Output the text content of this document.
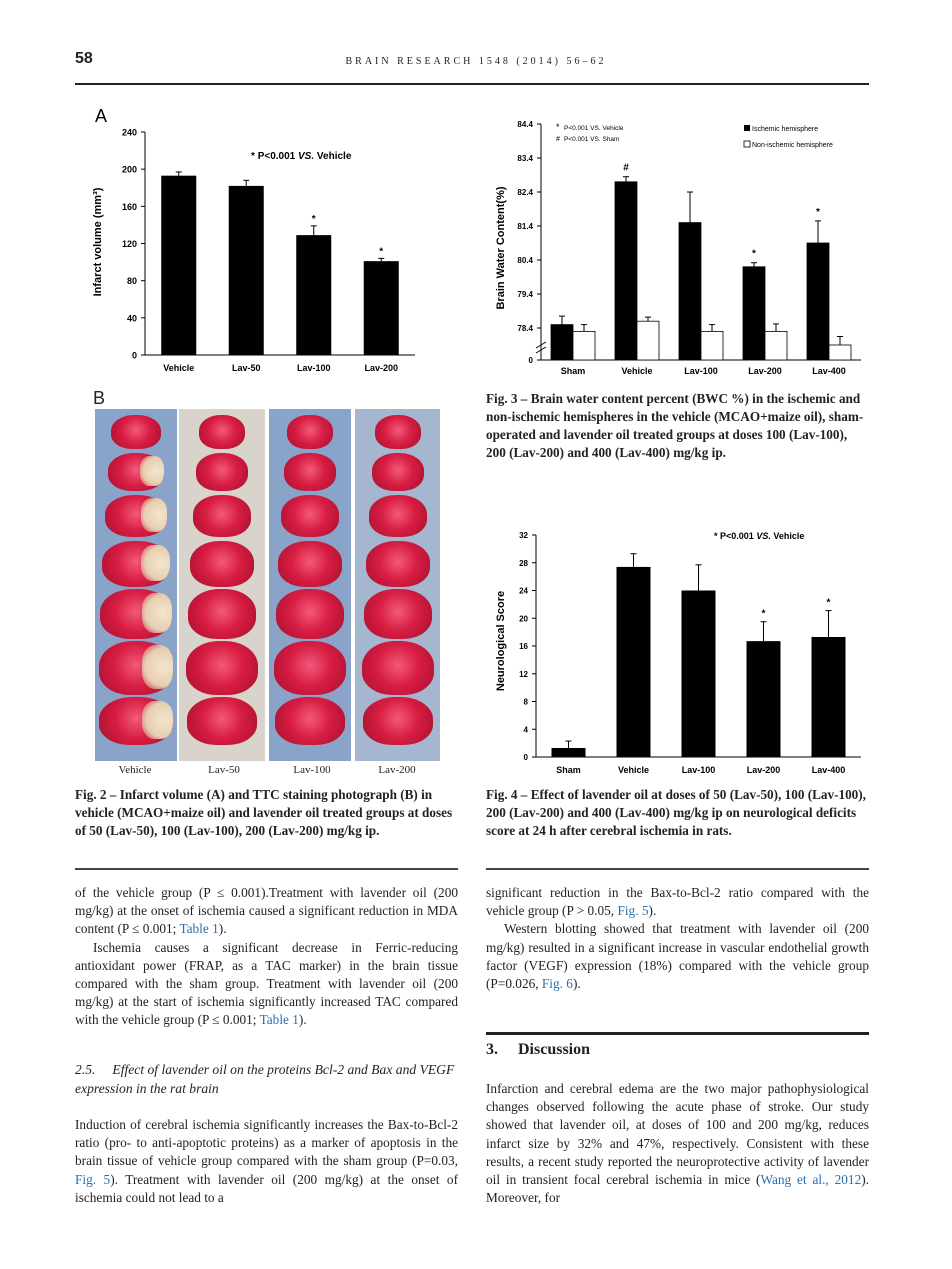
58	BRAIN RESEARCH 1548 (2014) 56–62
A
Infarct volume (mm³)
* P<0.001 VS. Vehicle
0
40
80
120
160
200
240
Vehicle	Lav-50
*
Lav-100
*
Lav-200
B
Vehicle	Lav-50	Lav-100	Lav-200
Fig. 2 – Infarct volume (A) and TTC staining photograph (B) in vehicle (MCAO+maize oil) and lavender oil treated groups at doses of 50 (Lav-50), 100 (Lav-100), 200 (Lav-200) mg/kg ip.
Brain Water Content(%)
* P<0.001 VS. Vehicle
# P<0.001 VS. Sham
Ischemic hemisphere
Non-ischemic hemisphere
0
78.4
79.4
80.4
81.4
82.4
83.4
84.4
Sham
#
Vehicle	Lav-100
*
Lav-200
*
Lav-400
Fig. 3 – Brain water content percent (BWC %) in the ischemic and non-ischemic hemispheres in the vehicle (MCAO+maize oil), sham-operated and lavender oil treated groups at doses 100 (Lav-100), 200 (Lav-200) and 400 (Lav-400) mg/kg ip.
Neurological Score
* P<0.001 VS. Vehicle
0
4
8
12
16
20
24
28
32
Sham	Vehicle	Lav-100
*
Lav-200
*
Lav-400
Fig. 4 – Effect of lavender oil at doses of 50 (Lav-50), 100 (Lav-100), 200 (Lav-200) and 400 (Lav-400) mg/kg ip on neurological deficits score at 24 h after cerebral ischemia in rats.

of the vehicle group (P ≤ 0.001).Treatment with lavender oil (200 mg/kg) at the onset of ischemia caused a significant reduction in MDA content (P ≤ 0.001; Table 1).

Ischemia causes a significant decrease in Ferric-reducing antioxidant power (FRAP, as a TAC marker) in the brain tissue compared with the sham group. Treatment with lavender oil (200 mg/kg) at the start of ischemia significantly increased TAC compared with the vehicle group (P ≤ 0.001; Table 1).

2.5. Effect of lavender oil on the proteins Bcl-2 and Bax and VEGF expression in the rat brain

Induction of cerebral ischemia significantly increases the Bax-to-Bcl-2 ratio (pro- to anti-apoptotic proteins) as a marker of apoptosis in the brain tissue of vehicle group compared with the sham group (P=0.03, Fig. 5). Treatment with lavender oil (200 mg/kg) at the onset of ischemia could not lead to a

significant reduction in the Bax-to-Bcl-2 ratio compared with the vehicle group (P > 0.05, Fig. 5).

Western blotting showed that treatment with lavender oil (200 mg/kg) resulted in a significant increase in vascular endothelial growth factor (VEGF) expression (18%) compared with the vehicle group (P=0.026, Fig. 6).

3. Discussion

Infarction and cerebral edema are the two major pathophysiological changes observed following the acute phase of stroke. Our study showed that lavender oil, at doses of 100 and 200 mg/kg, reduces infarct size by 32% and 47%, respectively. Consistent with these results, a recent study reported the neuroprotective activity of lavender oil in transient focal cerebral ischemia in mice (Wang et al., 2012). Moreover, for
